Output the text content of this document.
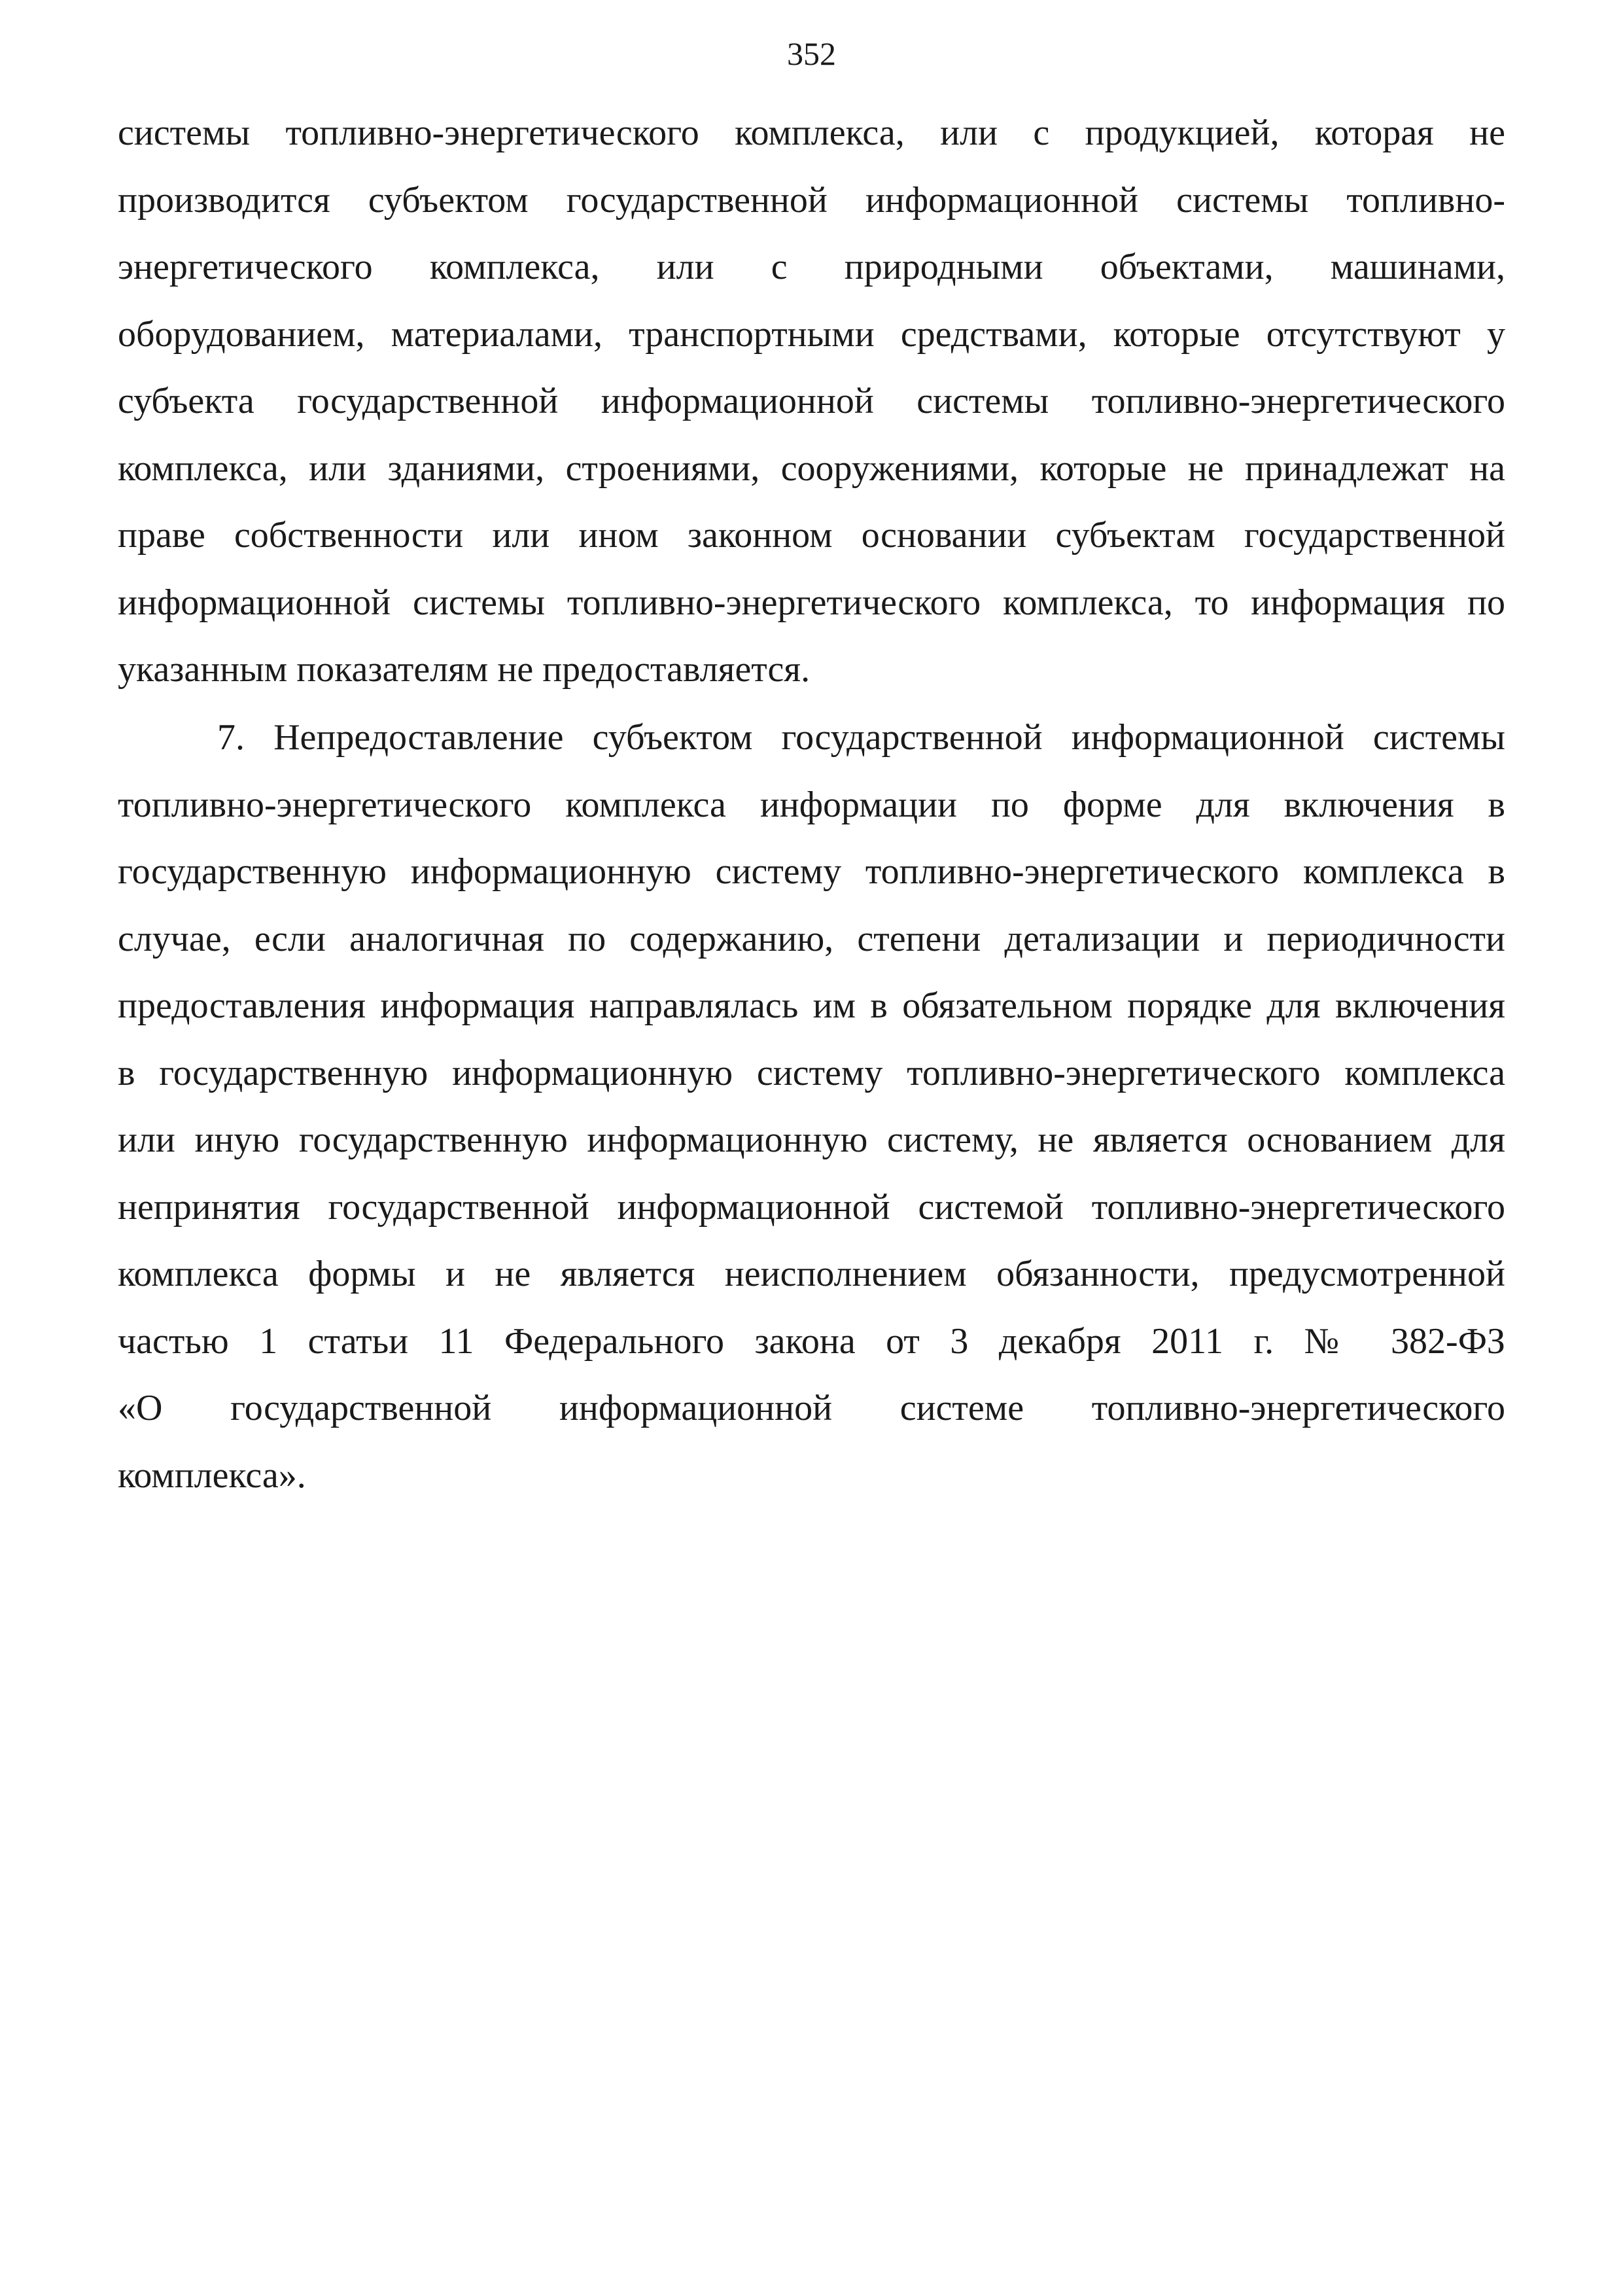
352
системы топливно-энергетического комплекса, или с продукцией, которая не
производится субъектом государственной информационной системы топливно-
энергетического комплекса, или с природными объектами, машинами,
оборудованием, материалами, транспортными средствами, которые отсутствуют у
субъекта государственной информационной системы топливно-энергетического
комплекса, или зданиями, строениями, сооружениями, которые не принадлежат на
праве собственности или ином законном основании субъектам государственной
информационной системы топливно-энергетического комплекса, то информация по
указанным показателям не предоставляется.
7. Непредоставление субъектом государственной информационной системы
топливно-энергетического комплекса информации по форме для включения в
государственную информационную систему топливно-энергетического комплекса в
случае, если аналогичная по содержанию, степени детализации и периодичности
предоставления информация направлялась им в обязательном порядке для включения
в государственную информационную систему топливно-энергетического комплекса
или иную государственную информационную систему, не является основанием для
непринятия государственной информационной системой топливно-энергетического
комплекса формы и не является неисполнением обязанности, предусмотренной
частью 1 статьи 11 Федерального закона от 3 декабря 2011 г. № 382-ФЗ
«О государственной информационной системе топливно-энергетического
комплекса».
